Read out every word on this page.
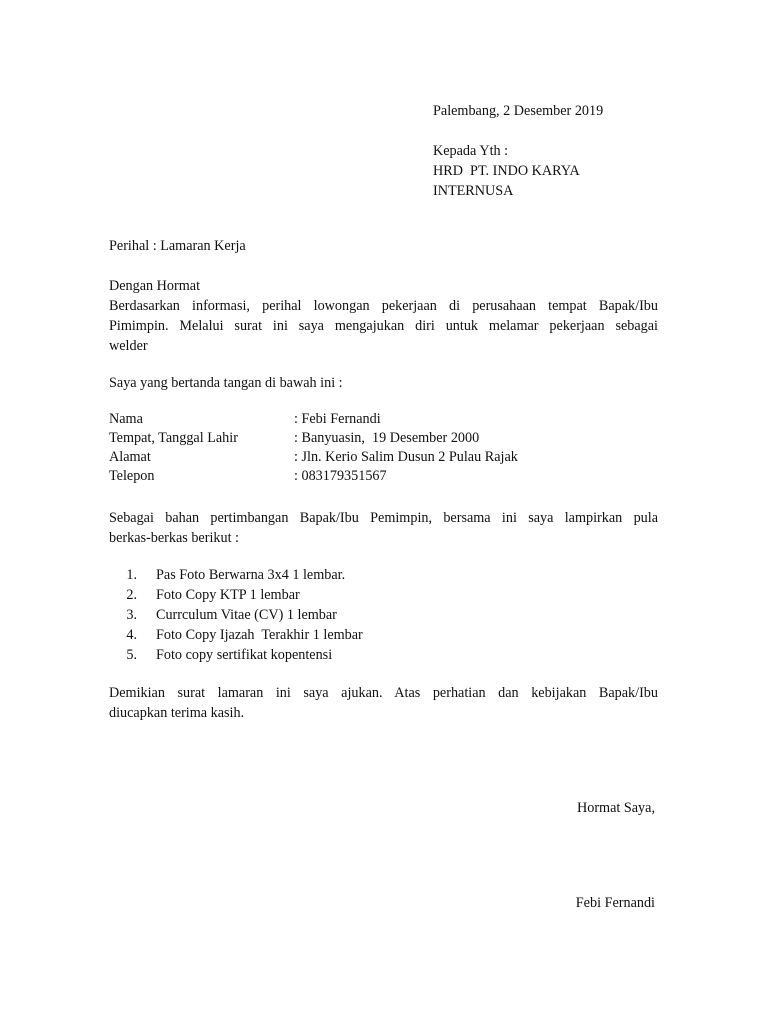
Palembang, 2 Desember 2019
Kepada Yth :
HRD  PT. INDO KARYA
INTERNUSA
Perihal : Lamaran Kerja
Dengan Hormat
Berdasarkan informasi, perihal lowongan pekerjaan di perusahaan tempat Bapak/Ibu
Pimimpin. Melalui surat ini saya mengajukan diri untuk melamar pekerjaan sebagai
welder
Saya yang bertanda tangan di bawah ini :
Nama	: Febi Fernandi
Tempat, Tanggal Lahir	: Banyuasin,  19 Desember 2000
Alamat	: Jln. Kerio Salim Dusun 2 Pulau Rajak
Telepon	: 083179351567
Sebagai bahan pertimbangan Bapak/Ibu Pemimpin, bersama ini saya lampirkan pula
berkas-berkas berikut :
1. Pas Foto Berwarna 3x4 1 lembar.
2. Foto Copy KTP 1 lembar
3. Currculum Vitae (CV) 1 lembar
4. Foto Copy Ijazah  Terakhir 1 lembar
5. Foto copy sertifikat kopentensi
Demikian surat lamaran ini saya ajukan. Atas perhatian dan kebijakan Bapak/Ibu
diucapkan terima kasih.
Hormat Saya,
Febi Fernandi
